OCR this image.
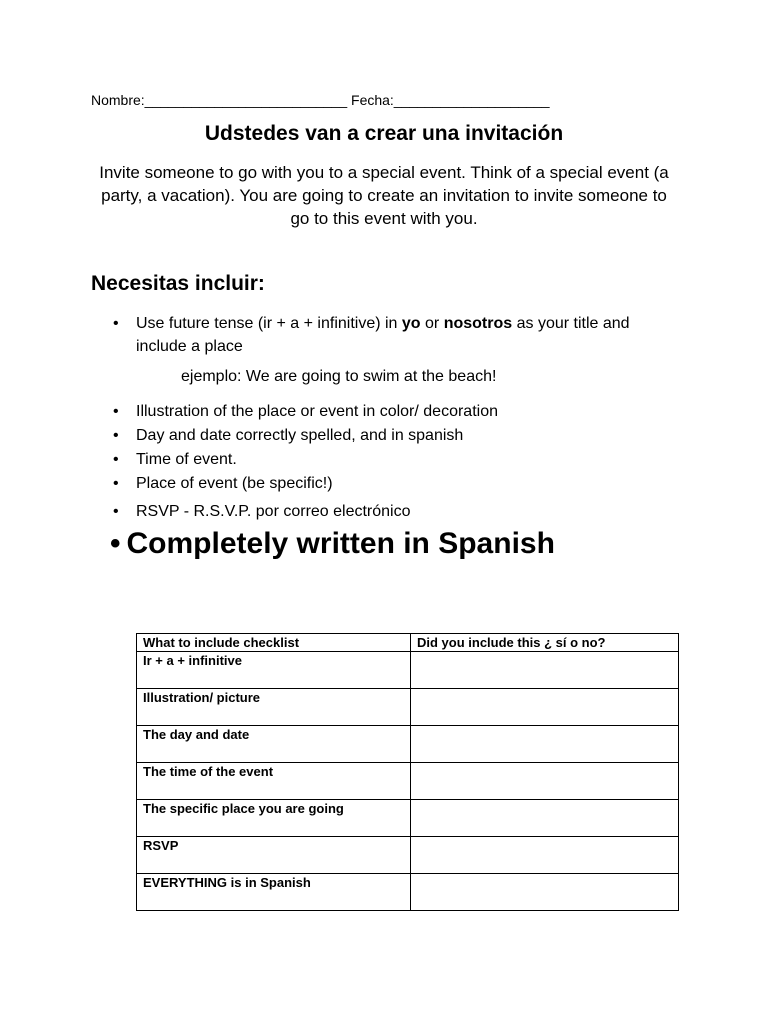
Nombre:__________________________ Fecha:____________________
Udstedes van a crear una invitación
Invite someone to go with you to a special event. Think of a special event (a party, a vacation). You are going to create an invitation to invite someone to go to this event with you.
Necesitas incluir:
• Use future tense (ir + a + infinitive) in yo or nosotros as your title and include a place
ejemplo: We are going to swim at the beach!
• Illustration of the place or event in color/ decoration
• Day and date correctly spelled, and in spanish
• Time of event.
• Place of event (be specific!)
• RSVP - R.S.V.P. por correo electrónico
• Completely written in Spanish
What to include checklist	Did you include this ¿ sí o no?
Ir + a + infinitive	
Illustration/ picture	
The day and date	
The time of the event	
The specific place you are going	
RSVP	
EVERYTHING is in Spanish	
